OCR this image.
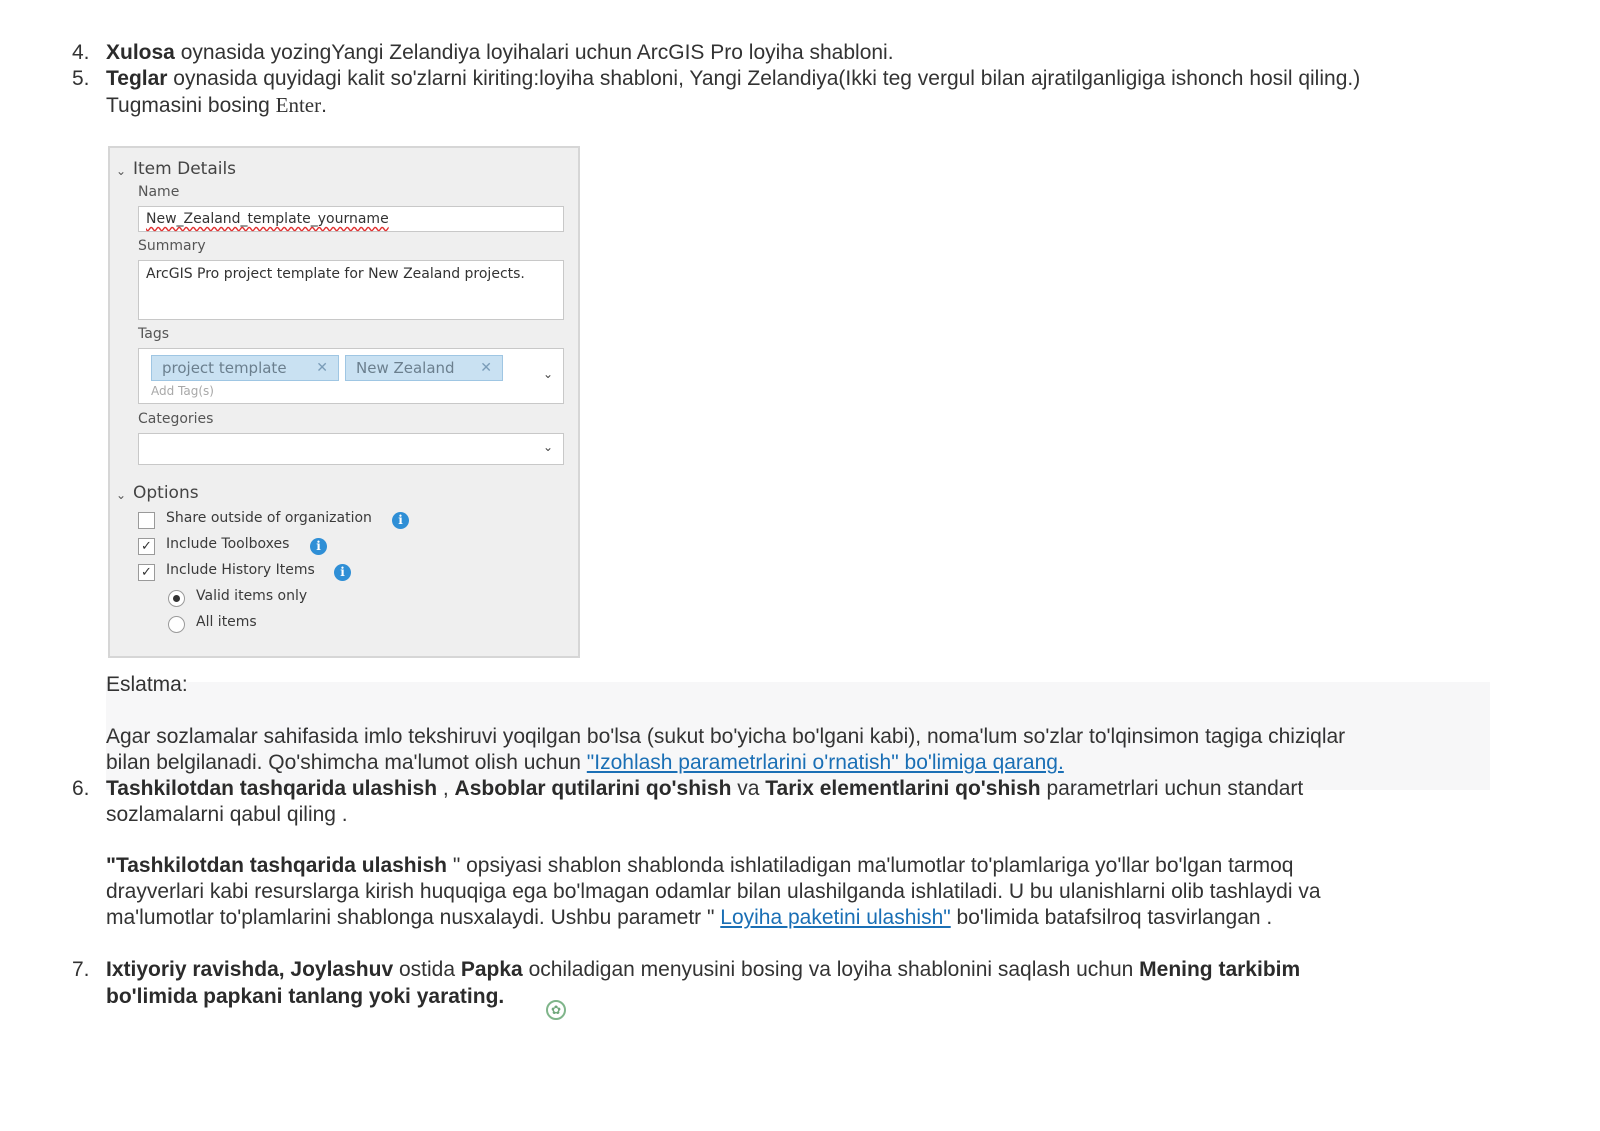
4. Xulosa oynasida yozingYangi Zelandiya loyihalari uchun ArcGIS Pro loyiha shabloni.
5. Teglar oynasida quyidagi kalit so'zlarni kiriting:loyiha shabloni, Yangi Zelandiya(Ikki teg vergul bilan ajratilganligiga ishonch hosil qiling.)
Tugmasini bosing Enter.
⌄ Item Details
Name
New_Zealand_template_yourname
Summary
ArcGIS Pro project template for New Zealand projects.
Tags
project template ✕	New Zealand ✕
Add Tag(s)
⌄
Categories
⌄
⌄ Options
Share outside of organization	i
✓ Include Toolboxes	i
✓ Include History Items	i
Valid items only
All items
Eslatma:
Agar sozlamalar sahifasida imlo tekshiruvi yoqilgan bo'lsa (sukut bo'yicha bo'lgani kabi), noma'lum so'zlar to'lqinsimon tagiga chiziqlar
bilan belgilanadi. Qo'shimcha ma'lumot olish uchun "Izohlash parametrlarini o'rnatish" bo'limiga qarang.
6. Tashkilotdan tashqarida ulashish , Asboblar qutilarini qo'shish va Tarix elementlarini qo'shish parametrlari uchun standart
sozlamalarni qabul qiling .
"Tashkilotdan tashqarida ulashish " opsiyasi shablon shablonda ishlatiladigan ma'lumotlar to'plamlariga yo'llar bo'lgan tarmoq
drayverlari kabi resurslarga kirish huquqiga ega bo'lmagan odamlar bilan ulashilganda ishlatiladi. U bu ulanishlarni olib tashlaydi va
ma'lumotlar to'plamlarini shablonga nusxalaydi. Ushbu parametr " Loyiha paketini ulashish" bo'limida batafsilroq tasvirlangan .
7. Ixtiyoriy ravishda, Joylashuv ostida Papka ochiladigan menyusini bosing va loyiha shablonini saqlash uchun Mening tarkibim
bo'limida papkani tanlang yoki yarating.
✿
